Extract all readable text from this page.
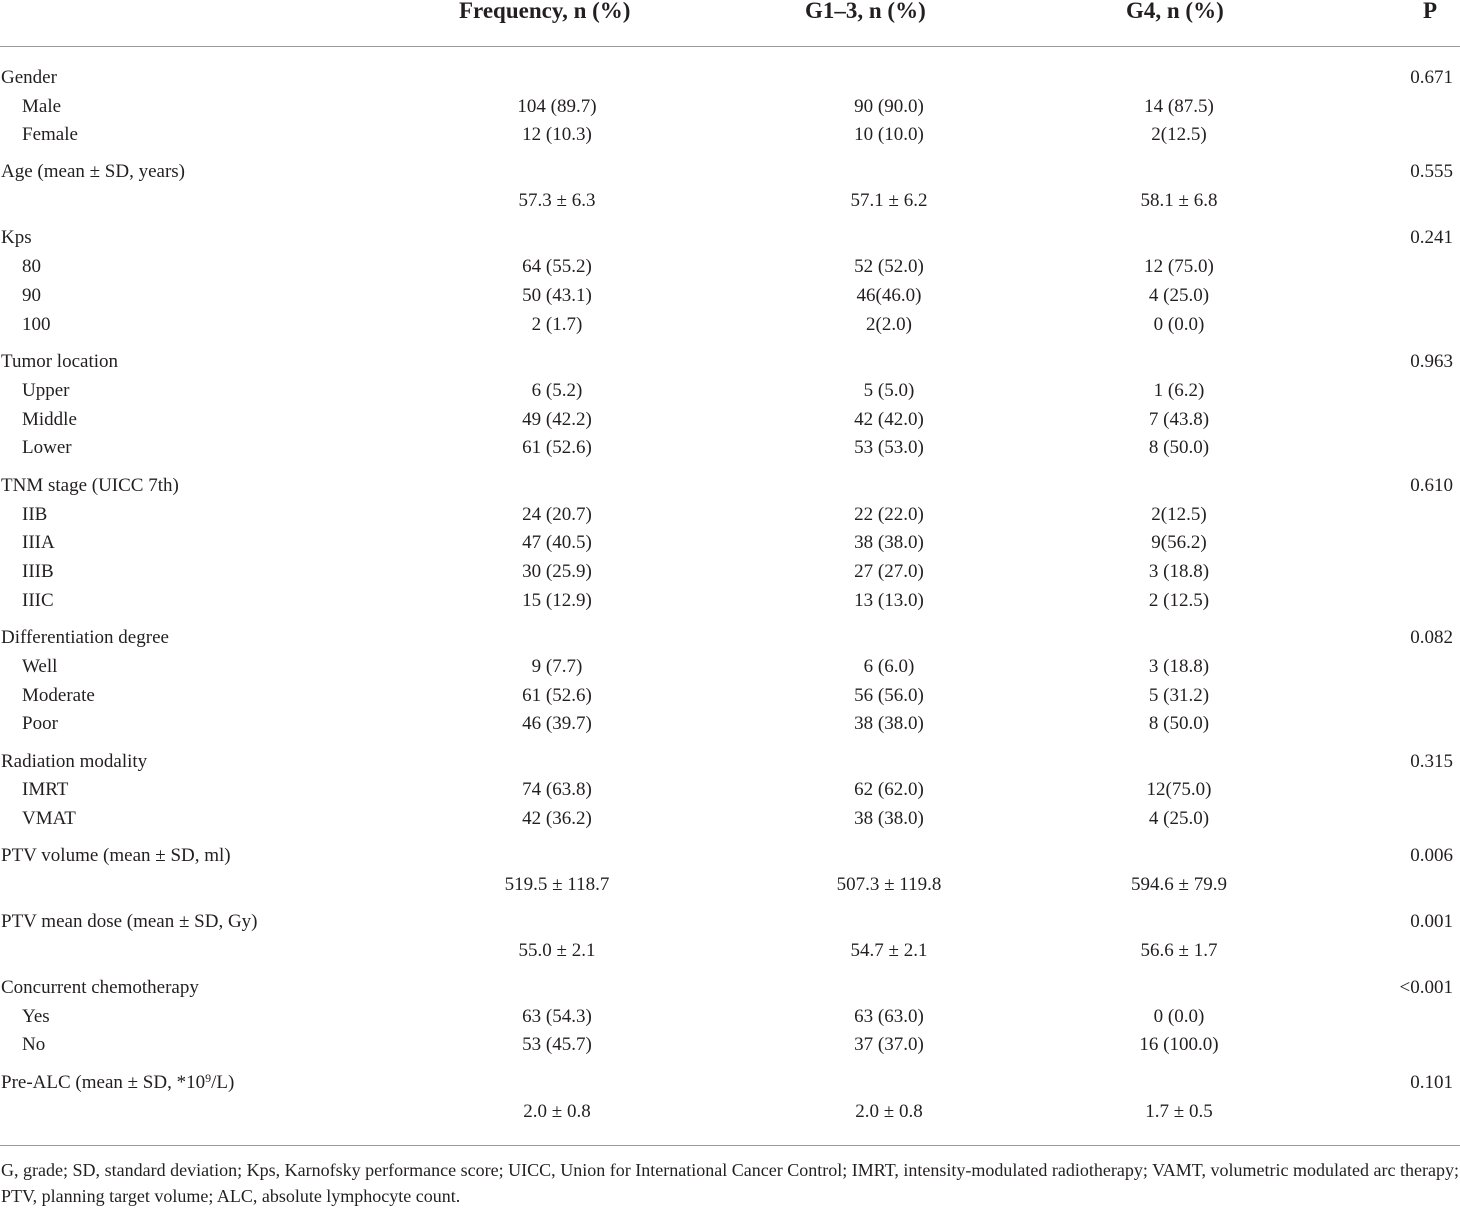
Frequency, n (%)	G1–3, n (%)	G4, n (%)	P
Gender	0.671
Male	104 (89.7)	90 (90.0)	14 (87.5)
Female	12 (10.3)	10 (10.0)	2(12.5)
Age (mean ± SD, years)	0.555
57.3 ± 6.3	57.1 ± 6.2	58.1 ± 6.8
Kps	0.241
80	64 (55.2)	52 (52.0)	12 (75.0)
90	50 (43.1)	46(46.0)	4 (25.0)
100	2 (1.7)	2(2.0)	0 (0.0)
Tumor location	0.963
Upper	6 (5.2)	5 (5.0)	1 (6.2)
Middle	49 (42.2)	42 (42.0)	7 (43.8)
Lower	61 (52.6)	53 (53.0)	8 (50.0)
TNM stage (UICC 7th)	0.610
IIB	24 (20.7)	22 (22.0)	2(12.5)
IIIA	47 (40.5)	38 (38.0)	9(56.2)
IIIB	30 (25.9)	27 (27.0)	3 (18.8)
IIIC	15 (12.9)	13 (13.0)	2 (12.5)
Differentiation degree	0.082
Well	9 (7.7)	6 (6.0)	3 (18.8)
Moderate	61 (52.6)	56 (56.0)	5 (31.2)
Poor	46 (39.7)	38 (38.0)	8 (50.0)
Radiation modality	0.315
IMRT	74 (63.8)	62 (62.0)	12(75.0)
VMAT	42 (36.2)	38 (38.0)	4 (25.0)
PTV volume (mean ± SD, ml)	0.006
519.5 ± 118.7	507.3 ± 119.8	594.6 ± 79.9
PTV mean dose (mean ± SD, Gy)	0.001
55.0 ± 2.1	54.7 ± 2.1	56.6 ± 1.7
Concurrent chemotherapy	<0.001
Yes	63 (54.3)	63 (63.0)	0 (0.0)
No	53 (45.7)	37 (37.0)	16 (100.0)
Pre-ALC (mean ± SD, $*10^9/L$)	0.101
2.0 ± 0.8	2.0 ± 0.8	1.7 ± 0.5
G, grade; SD, standard deviation; Kps, Karnofsky performance score; UICC, Union for International Cancer Control; IMRT, intensity-modulated radiotherapy; VAMT, volumetric modulated arc therapy; PTV, planning target volume; ALC, absolute lymphocyte count.
